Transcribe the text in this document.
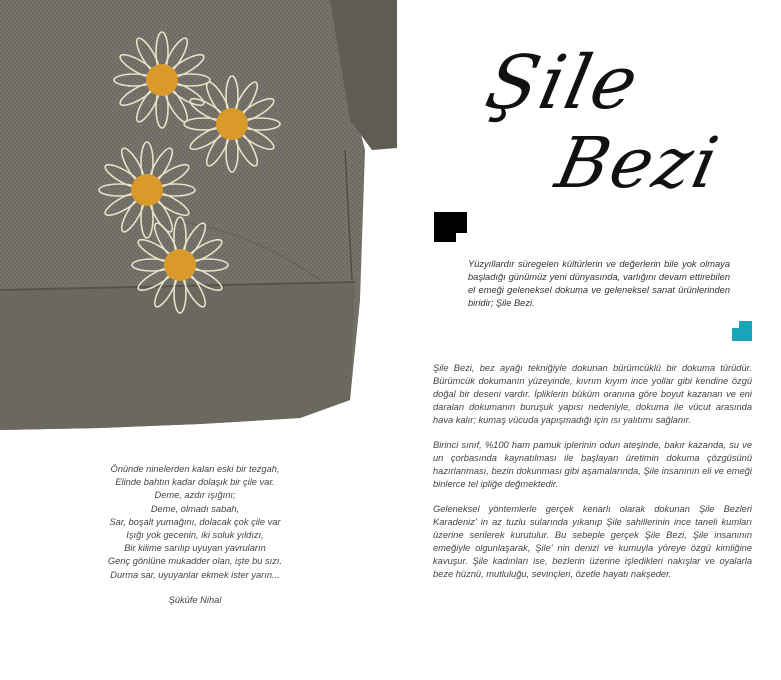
Önünde ninelerden kalan eski bir tezgah,
Elinde bahtın kadar dolaşık bir çile var.
Deme, azdır ışığını;
Deme, olmadı sabah,
Sar, boşalt yumağını, dolacak çok çile var
Işığı yok gecenin, iki soluk yıldızı,
Bir kilime sarılıp uyuyan yavruların
Genç gönlüne mukadder olan, işte bu sızı.
Durma sar, uyuyanlar ekmek ister yarın...
Şüküfe Nihal
Şile
Bezi
Yüzyıllardır süregelen kültürlerin ve değerlerin bile yok olmaya başladığı günümüz yeni dünyasında, varlığını devam ettirebilen el emeği geleneksel dokuma ve geleneksel sanat ürünlerinden biridir; Şile Bezi.

Şile Bezi, bez ayağı tekniğiyle dokunan bürümcüklü bir dokuma türüdür. Bürümcük dokumanın yüzeyinde, kıvrım kıyım ince yollar gibi kendine özgü doğal bir deseni vardır. İpliklerin büküm oranına göre boyut kazanan ve eni daralan dokumanın buruşuk yapısı nedeniyle, dokuma ile vücut arasında hava kalır; kumaş vücuda yapışmadığı için ısı yalıtımı sağlanır.

Birinci sınıf, %100 ham pamuk iplerinin odun ateşinde, bakır kazanda, su ve un çorbasında kaynatılması ile başlayan üretimin dokuma çözgüsünü hazırlanması, bezin dokunması gibi aşamalarında, Şile insanının eli ve emeği binlerce tel ipliğe değmektedir.

Geleneksel yöntemlerle gerçek kenarlı olarak dokunan Şile Bezleri Karadeniz' in az tuzlu sularında yıkanıp Şile sahillerinin ince taneli kumları üzerine serilerek kurutulur. Bu sebeple gerçek Şile Bezi, Şile insanının emeğiyle olgunlaşarak, Şile' nin denizi ve kumuyla yöreye özgü kimliğine kavuşur. Şile kadınları ise, bezlerin üzerine işledikleri nakışlar ve oyalarla beze hüznü, mutluluğu, sevinçleri, özetle hayatı nakşeder.
